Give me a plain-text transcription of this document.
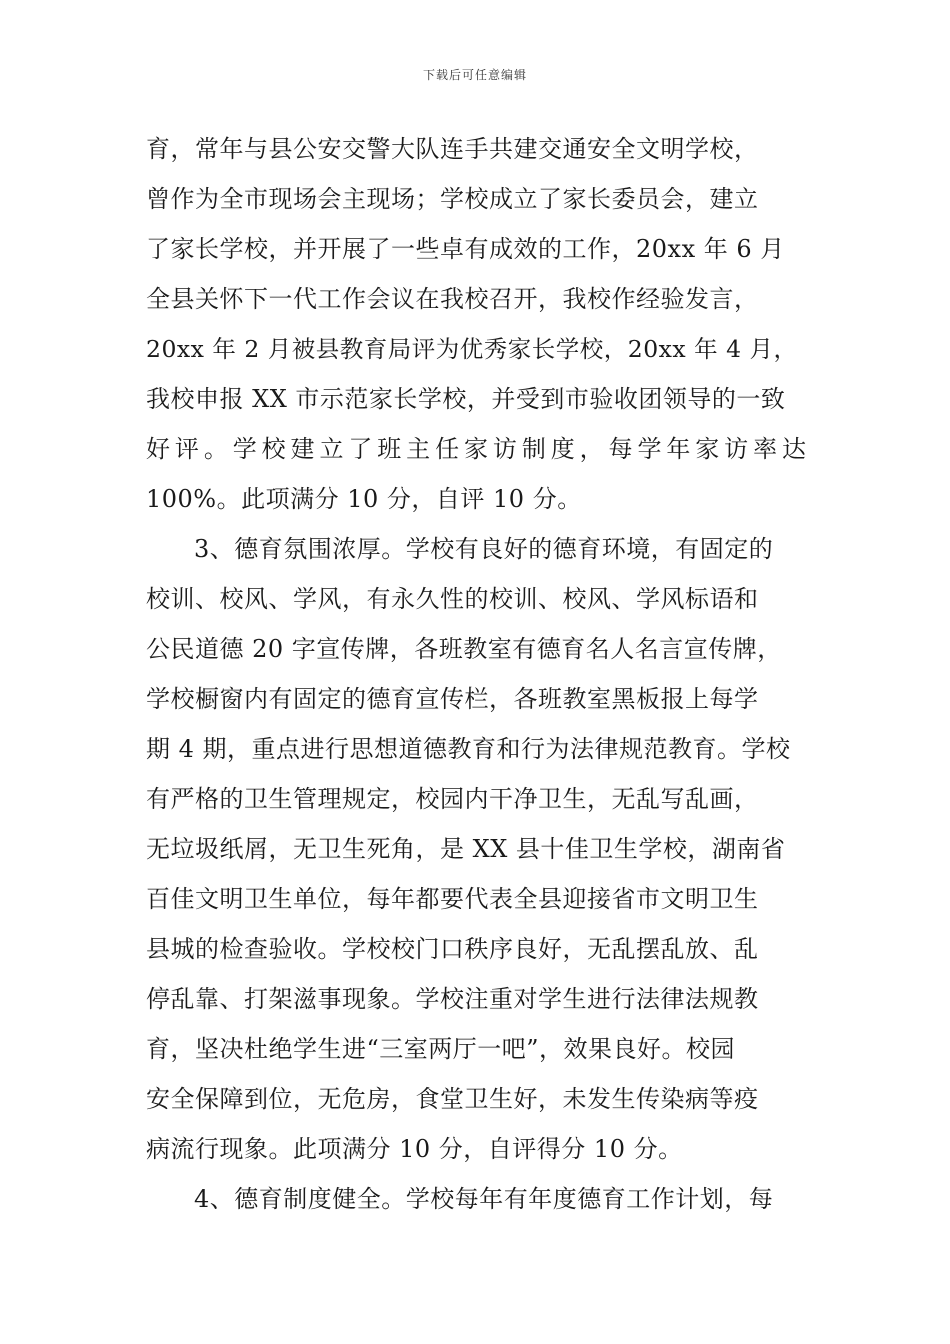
下载后可任意编辑
育，常年与县公安交警大队连手共建交通安全文明学校，
曾作为全市现场会主现场；学校成立了家长委员会，建立
了家长学校，并开展了一些卓有成效的工作，20xx 年 6 月
全县关怀下一代工作会议在我校召开，我校作经验发言，
20xx 年 2 月被县教育局评为优秀家长学校，20xx 年 4 月，
我校申报 XX 市示范家长学校，并受到市验收团领导的一致
好评。学校建立了班主任家访制度，每学年家访率达
100%。此项满分 10 分，自评 10 分。
3、德育氛围浓厚。学校有良好的德育环境，有固定的
校训、校风、学风，有永久性的校训、校风、学风标语和
公民道德 20 字宣传牌，各班教室有德育名人名言宣传牌，
学校橱窗内有固定的德育宣传栏，各班教室黑板报上每学
期 4 期，重点进行思想道德教育和行为法律规范教育。学校
有严格的卫生管理规定，校园内干净卫生，无乱写乱画，
无垃圾纸屑，无卫生死角，是 XX 县十佳卫生学校，湖南省
百佳文明卫生单位，每年都要代表全县迎接省市文明卫生
县城的检查验收。学校校门口秩序良好，无乱摆乱放、乱
停乱靠、打架滋事现象。学校注重对学生进行法律法规教
育，坚决杜绝学生进“三室两厅一吧”，效果良好。校园
安全保障到位，无危房，食堂卫生好，未发生传染病等疫
病流行现象。此项满分 10 分，自评得分 10 分。
4、德育制度健全。学校每年有年度德育工作计划，每
